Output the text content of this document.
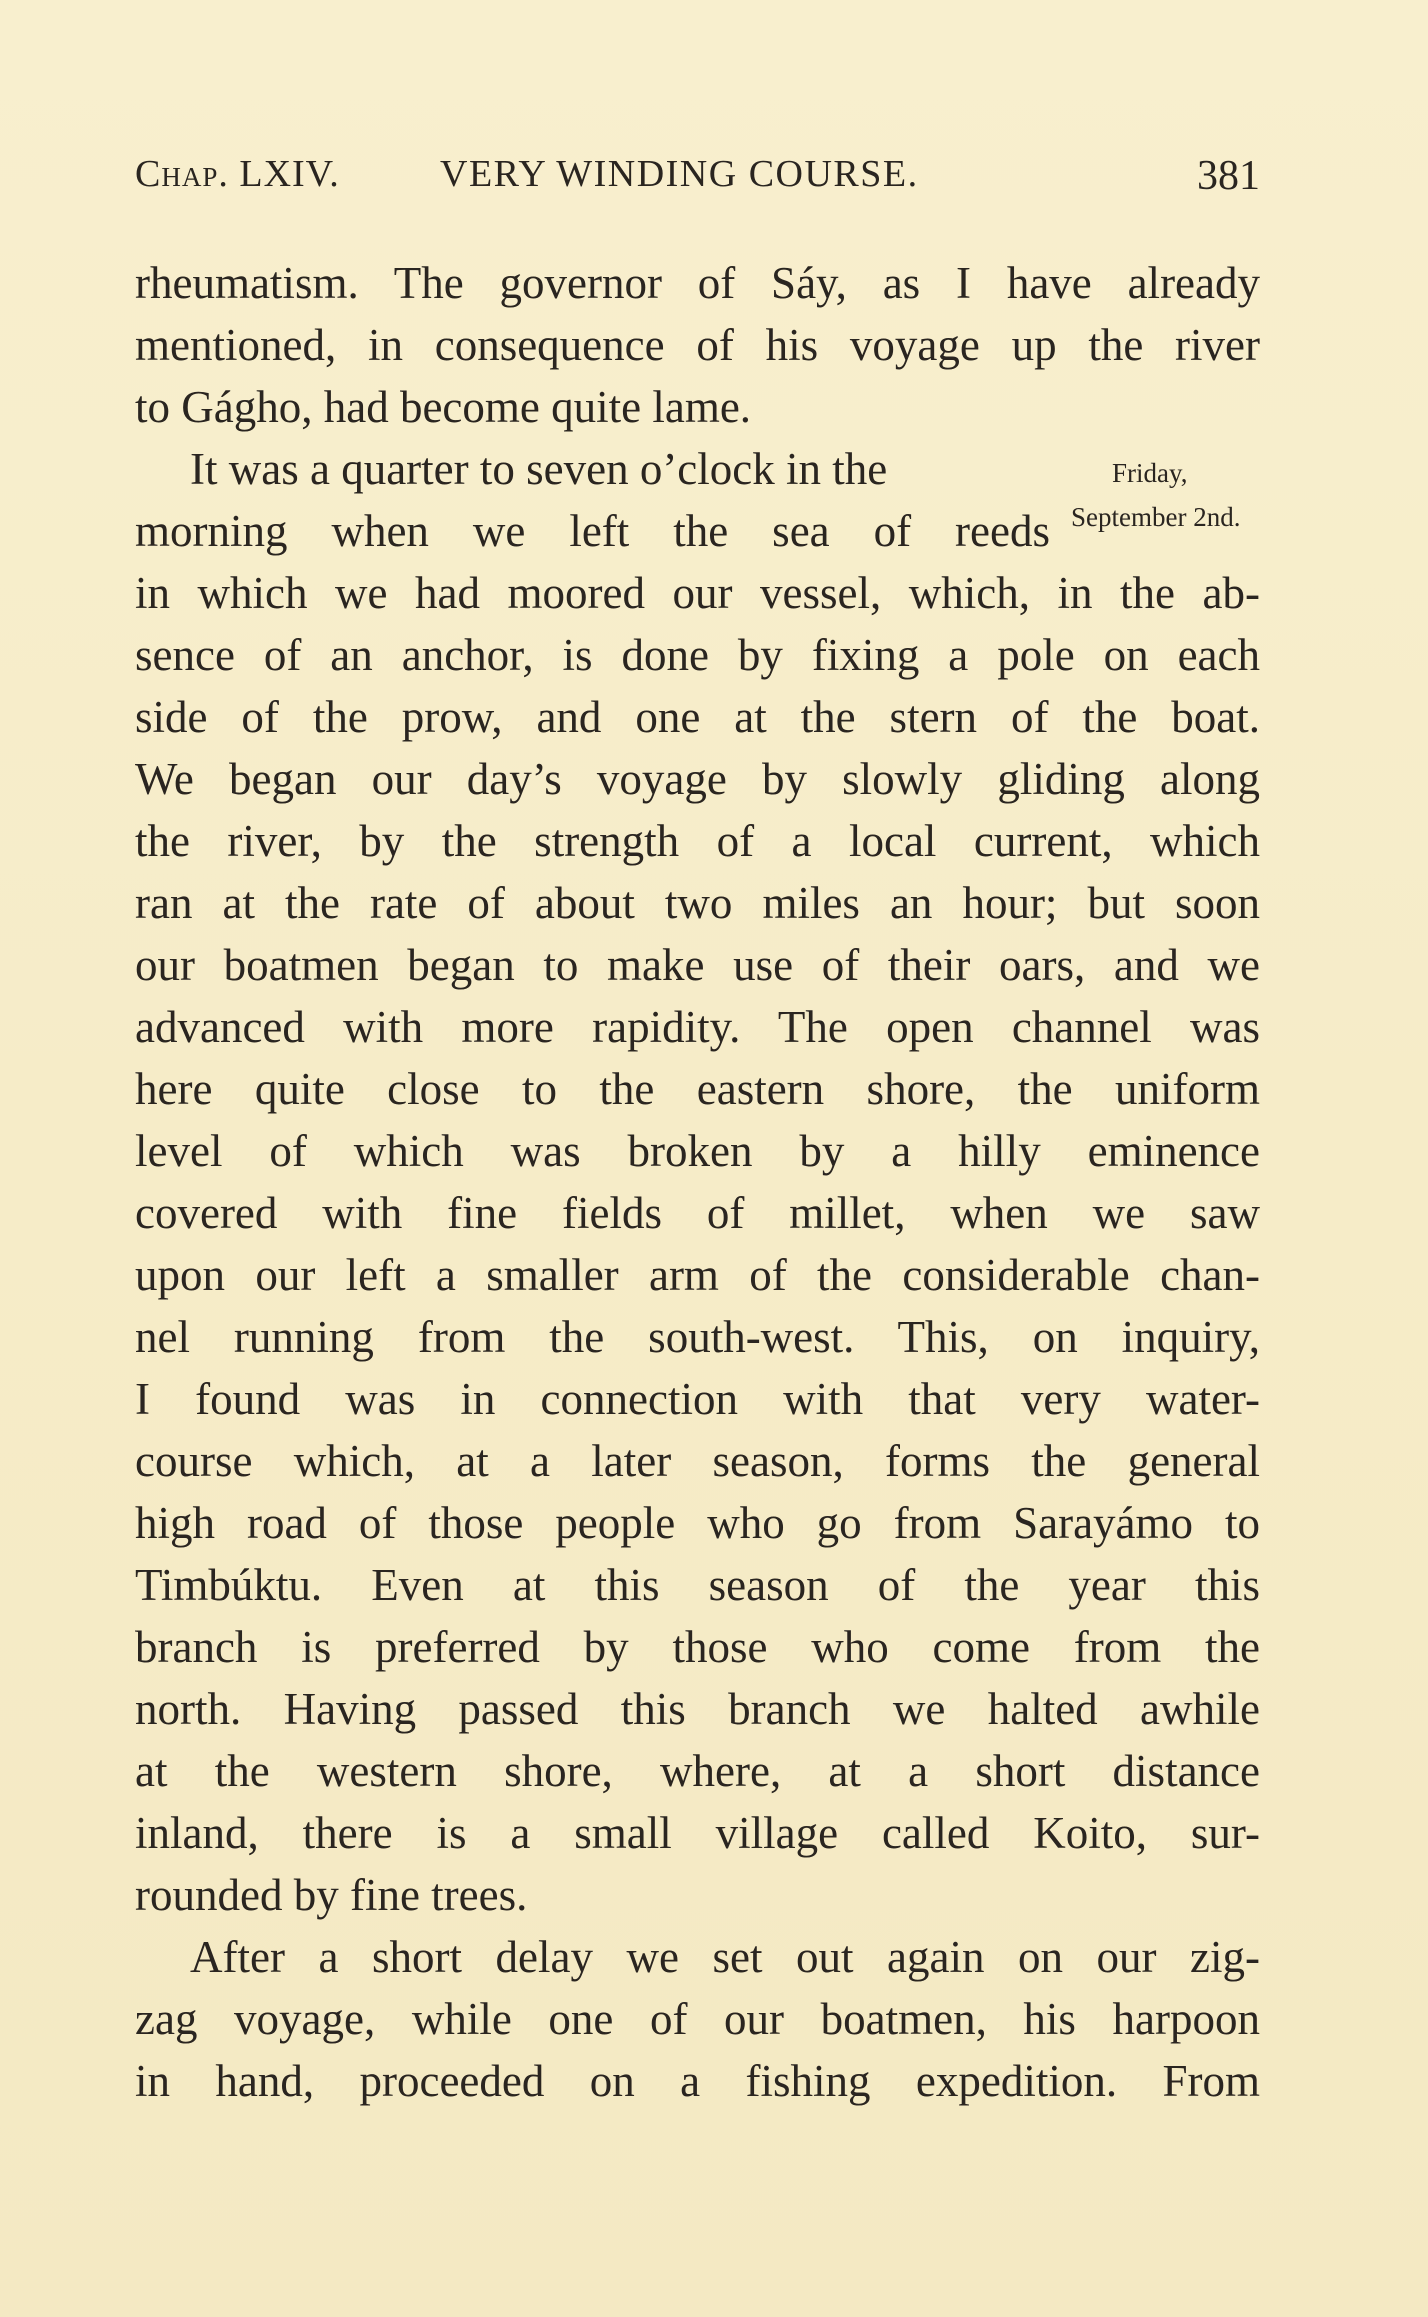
Chap. LXIV.	VERY WINDING COURSE.	381
Friday,
September 2nd.
rheumatism. The governor of Sáy, as I have already
mentioned, in consequence of his voyage up the river
to Gágho, had become quite lame.
It was a quarter to seven o’clock in the
morning when we left the sea of reeds
in which we had moored our vessel, which, in the ab-
sence of an anchor, is done by fixing a pole on each
side of the prow, and one at the stern of the boat.
We began our day’s voyage by slowly gliding along
the river, by the strength of a local current, which
ran at the rate of about two miles an hour; but soon
our boatmen began to make use of their oars, and we
advanced with more rapidity. The open channel was
here quite close to the eastern shore, the uniform
level of which was broken by a hilly eminence
covered with fine fields of millet, when we saw
upon our left a smaller arm of the considerable chan-
nel running from the south-west. This, on inquiry,
I found was in connection with that very water-
course which, at a later season, forms the general
high road of those people who go from Sarayámo to
Timbúktu. Even at this season of the year this
branch is preferred by those who come from the
north. Having passed this branch we halted awhile
at the western shore, where, at a short distance
inland, there is a small village called Koito, sur-
rounded by fine trees.
After a short delay we set out again on our zig-
zag voyage, while one of our boatmen, his harpoon
in hand, proceeded on a fishing expedition. From
